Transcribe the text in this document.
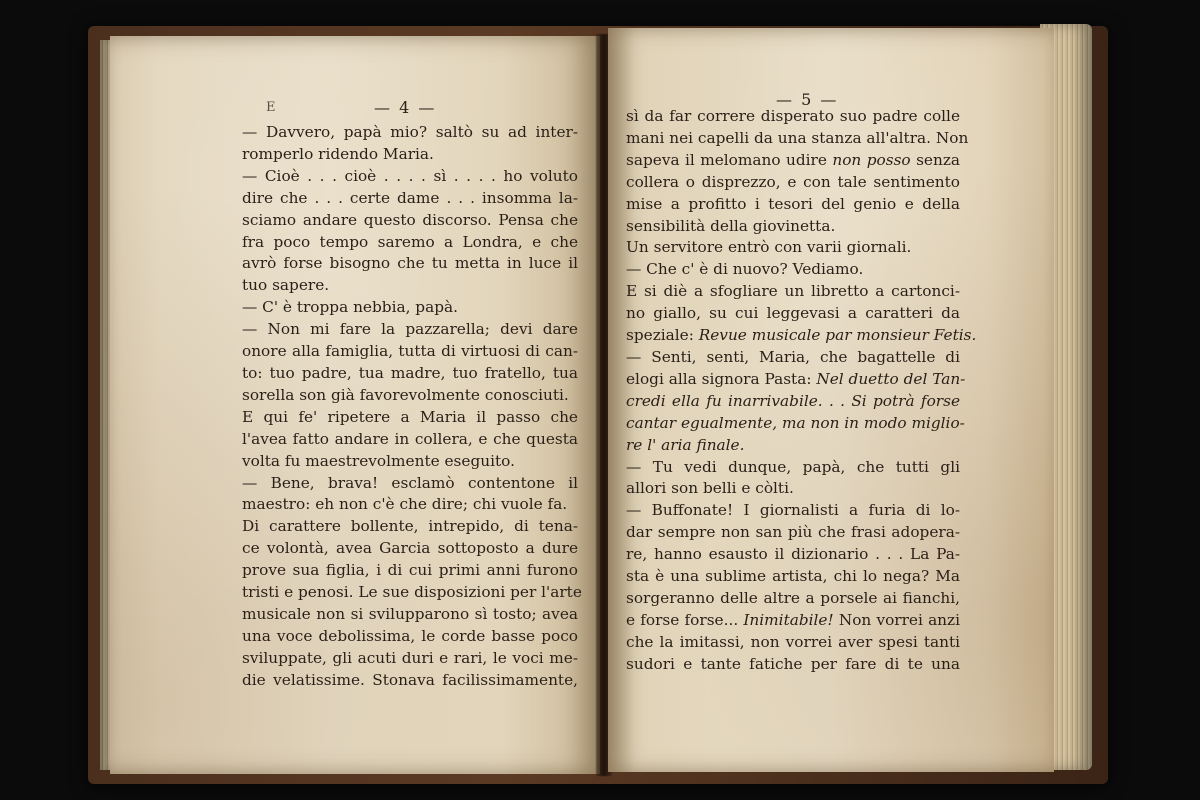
E	— 4 —
— Davvero, papà mio? saltò su ad inter-
romperlo ridendo Maria.
— Cioè . . . cioè . . . . sì . . . . ho voluto
dire che . . . certe dame . . . insomma la-
sciamo andare questo discorso. Pensa che
fra poco tempo saremo a Londra, e che
avrò forse bisogno che tu metta in luce il
tuo sapere.
— C' è troppa nebbia, papà.
— Non mi fare la pazzarella; devi dare
onore alla famiglia, tutta di virtuosi di can-
to: tuo padre, tua madre, tuo fratello, tua
sorella son già favorevolmente conosciuti.
E qui fe' ripetere a Maria il passo che
l'avea fatto andare in collera, e che questa
volta fu maestrevolmente eseguito.
— Bene, brava! esclamò contentone il
maestro: eh non c'è che dire; chi vuole fa.
Di carattere bollente, intrepido, di tena-
ce volontà, avea Garcia sottoposto a dure
prove sua figlia, i di cui primi anni furono
tristi e penosi. Le sue disposizioni per l'arte
musicale non si svilupparono sì tosto; avea
una voce debolissima, le corde basse poco
sviluppate, gli acuti duri e rari, le voci me-
die velatissime. Stonava facilissimamente,
— 5 —
sì da far correre disperato suo padre colle
mani nei capelli da una stanza all'altra. Non
sapeva il melomano udire non posso senza
collera o disprezzo, e con tale sentimento
mise a profitto i tesori del genio e della
sensibilità della giovinetta.
Un servitore entrò con varii giornali.
— Che c' è di nuovo? Vediamo.
E si diè a sfogliare un libretto a cartonci-
no giallo, su cui leggevasi a caratteri da
speziale: Revue musicale par monsieur Fetis.
— Senti, senti, Maria, che bagattelle di
elogi alla signora Pasta: Nel duetto del Tan-
credi ella fu inarrivabile. . . Si potrà forse
cantar egualmente, ma non in modo miglio-
re l' aria finale.
— Tu vedi dunque, papà, che tutti gli
allori son belli e còlti.
— Buffonate! I giornalisti a furia di lo-
dar sempre non san più che frasi adopera-
re, hanno esausto il dizionario . . . La Pa-
sta è una sublime artista, chi lo nega? Ma
sorgeranno delle altre a porsele ai fianchi,
e forse forse... Inimitabile! Non vorrei anzi
che la imitassi, non vorrei aver spesi tanti
sudori e tante fatiche per fare di te una
